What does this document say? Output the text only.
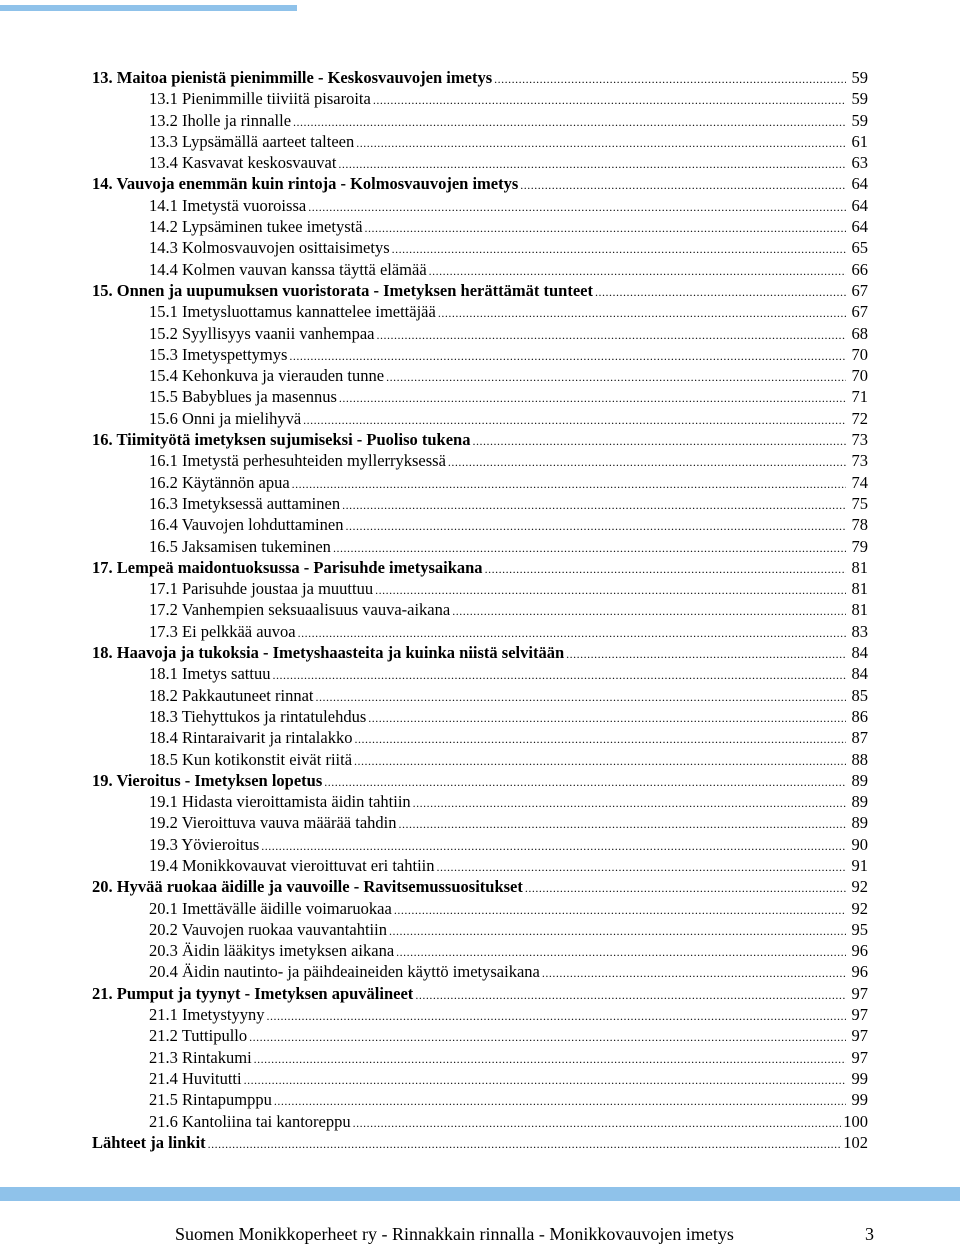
13. Maitoa pienistä pienimmille - Keskosvauvojen imetys .....	59
13.1 Pienimmille tiiviitä pisaroita .....	59
13.2 Iholle ja rinnalle .....	59
13.3 Lypsämällä aarteet talteen .....	61
13.4 Kasvavat keskosvauvat .....	63
14. Vauvoja enemmän kuin rintoja - Kolmosvauvojen imetys .....	64
14.1 Imetystä vuoroissa .....	64
14.2 Lypsäminen tukee imetystä .....	64
14.3 Kolmosvauvojen osittaisimetys .....	65
14.4 Kolmen vauvan kanssa täyttä elämää .....	66
15. Onnen ja uupumuksen vuoristorata - Imetyksen herättämät tunteet .....	67
15.1 Imetysluottamus kannattelee imettäjää .....	67
15.2 Syyllisyys vaanii vanhempaa .....	68
15.3 Imetyspettymys .....	70
15.4 Kehonkuva ja vierauden tunne .....	70
15.5 Babyblues ja masennus .....	71
15.6 Onni ja mielihyvä .....	72
16. Tiimityötä imetyksen sujumiseksi - Puoliso tukena .....	73
16.1 Imetystä perhesuhteiden myllerryksessä .....	73
16.2 Käytännön apua .....	74
16.3 Imetyksessä auttaminen .....	75
16.4 Vauvojen lohduttaminen .....	78
16.5 Jaksamisen tukeminen .....	79
17. Lempeä maidontuoksussa - Parisuhde imetysaikana .....	81
17.1 Parisuhde joustaa ja muuttuu .....	81
17.2 Vanhempien seksuaalisuus vauva-aikana .....	81
17.3 Ei pelkkää auvoa .....	83
18. Haavoja ja tukoksia - Imetyshaasteita ja kuinka niistä selvitään .....	84
18.1 Imetys sattuu .....	84
18.2 Pakkautuneet rinnat .....	85
18.3 Tiehyttukos ja rintatulehdus .....	86
18.4 Rintaraivarit ja rintalakko .....	87
18.5 Kun kotikonstit eivät riitä .....	88
19. Vieroitus - Imetyksen lopetus .....	89
19.1 Hidasta vieroittamista äidin tahtiin .....	89
19.2 Vieroittuva vauva määrää tahdin .....	89
19.3 Yövieroitus .....	90
19.4 Monikkovauvat vieroittuvat eri tahtiin .....	91
20. Hyvää ruokaa äidille ja vauvoille - Ravitsemussuositukset .....	92
20.1 Imettävälle äidille voimaruokaa .....	92
20.2 Vauvojen ruokaa vauvantahtiin .....	95
20.3 Äidin lääkitys imetyksen aikana .....	96
20.4 Äidin nautinto- ja päihdeaineiden käyttö imetysaikana .....	96
21. Pumput ja tyynyt - Imetyksen apuvälineet .....	97
21.1 Imetystyyny .....	97
21.2 Tuttipullo .....	97
21.3 Rintakumi .....	97
21.4 Huvitutti .....	99
21.5 Rintapumppu .....	99
21.6 Kantoliina tai kantoreppu .....	100
Lähteet ja linkit .....	102
Suomen Monikkoperheet ry - Rinnakkain rinnalla - Monikkovauvojen imetys	3
